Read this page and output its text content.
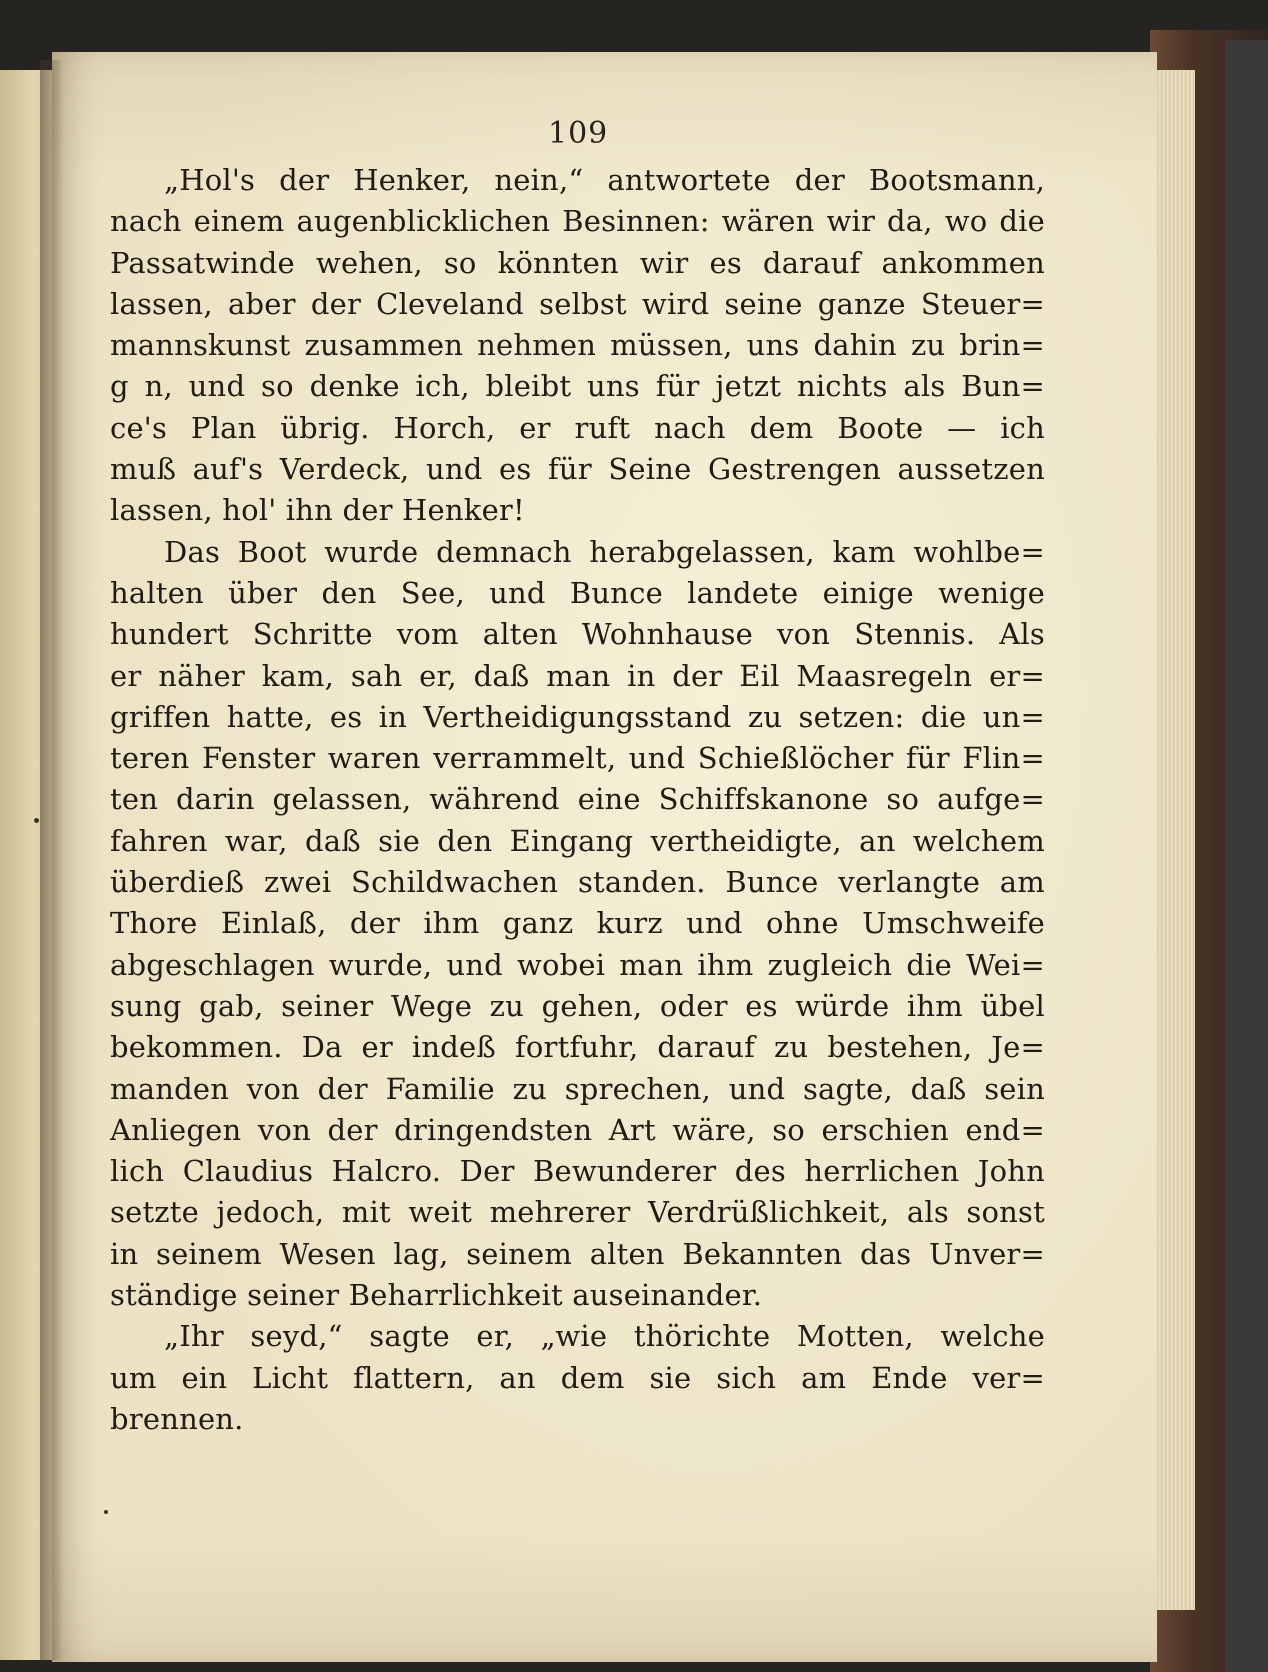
109
„Hol's der Henker, nein,“ antwortete der Bootsmann,
nach einem augenblicklichen Besinnen: wären wir da, wo die
Passatwinde wehen, so könnten wir es darauf ankommen
lassen, aber der Cleveland selbst wird seine ganze Steuer=
mannskunst zusammen nehmen müssen, uns dahin zu brin=
g n, und so denke ich, bleibt uns für jetzt nichts als Bun=
ce's Plan übrig. Horch, er ruft nach dem Boote — ich
muß auf's Verdeck, und es für Seine Gestrengen aussetzen
lassen, hol' ihn der Henker!
Das Boot wurde demnach herabgelassen, kam wohlbe=
halten über den See, und Bunce landete einige wenige
hundert Schritte vom alten Wohnhause von Stennis. Als
er näher kam, sah er, daß man in der Eil Maasregeln er=
griffen hatte, es in Vertheidigungsstand zu setzen: die un=
teren Fenster waren verrammelt, und Schießlöcher für Flin=
ten darin gelassen, während eine Schiffskanone so aufge=
fahren war, daß sie den Eingang vertheidigte, an welchem
überdieß zwei Schildwachen standen. Bunce verlangte am
Thore Einlaß, der ihm ganz kurz und ohne Umschweife
abgeschlagen wurde, und wobei man ihm zugleich die Wei=
sung gab, seiner Wege zu gehen, oder es würde ihm übel
bekommen. Da er indeß fortfuhr, darauf zu bestehen, Je=
manden von der Familie zu sprechen, und sagte, daß sein
Anliegen von der dringendsten Art wäre, so erschien end=
lich Claudius Halcro. Der Bewunderer des herrlichen John
setzte jedoch, mit weit mehrerer Verdrüßlichkeit, als sonst
in seinem Wesen lag, seinem alten Bekannten das Unver=
ständige seiner Beharrlichkeit auseinander.
„Ihr seyd,“ sagte er, „wie thörichte Motten, welche
um ein Licht flattern, an dem sie sich am Ende ver=
brennen.
